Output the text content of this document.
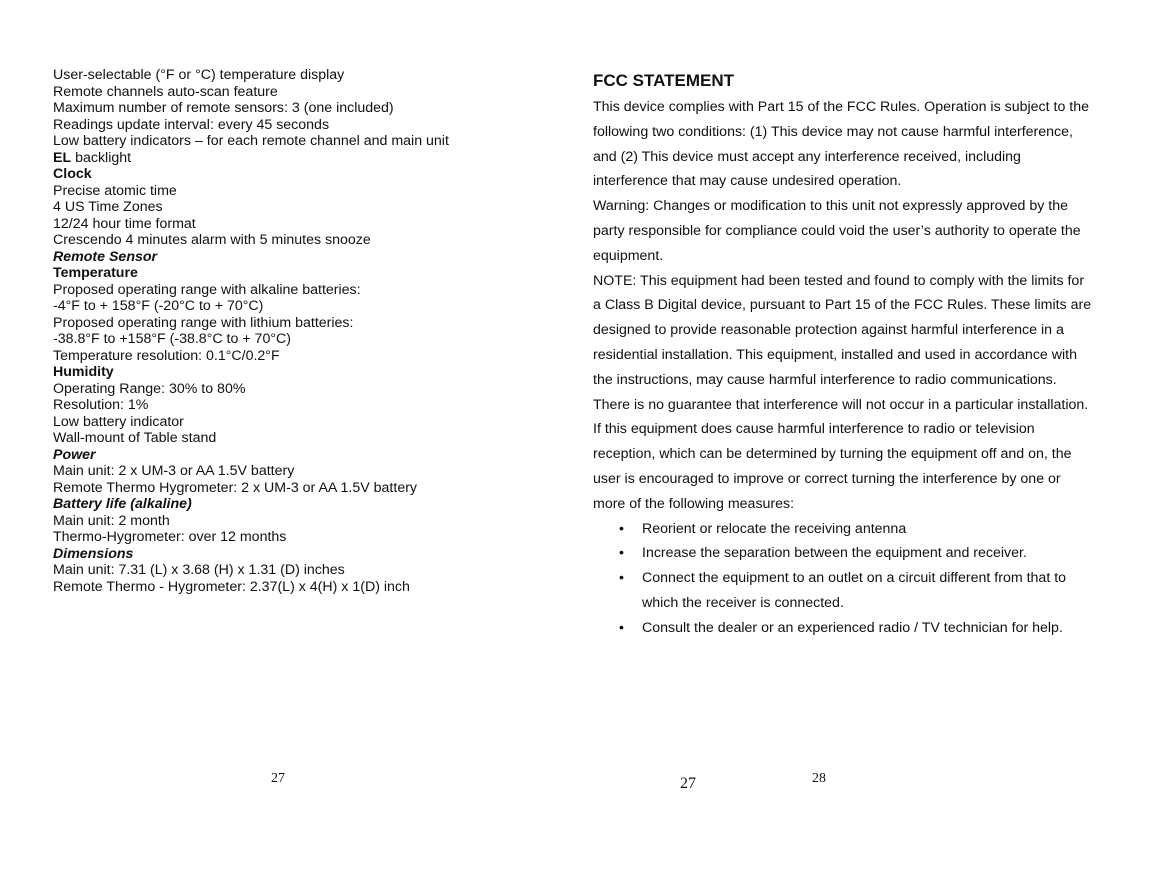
User-selectable (°F or °C) temperature display
Remote channels auto-scan feature
Maximum number of remote sensors: 3 (one included)
Readings update interval: every 45 seconds
Low battery indicators – for each remote channel and main unit
EL backlight
Clock
Precise atomic time
4 US Time Zones
12/24 hour time format
Crescendo 4 minutes alarm with 5 minutes snooze
Remote Sensor
Temperature
Proposed operating range with alkaline batteries:
-4°F to + 158°F (-20°C to + 70°C)
Proposed operating range with lithium batteries:
-38.8°F to +158°F (-38.8°C to + 70°C)
Temperature resolution: 0.1°C/0.2°F
Humidity
Operating Range: 30% to 80%
Resolution: 1%
Low battery indicator
Wall-mount of Table stand
Power
Main unit: 2 x UM-3 or AA 1.5V battery
Remote Thermo Hygrometer: 2 x UM-3 or AA 1.5V battery
Battery life (alkaline)
Main unit: 2 month
Thermo-Hygrometer: over 12 months
Dimensions
Main unit: 7.31 (L) x 3.68 (H) x 1.31 (D) inches
Remote Thermo - Hygrometer: 2.37(L) x 4(H) x 1(D) inch
27
FCC STATEMENT
This device complies with Part 15 of the FCC Rules. Operation is subject to the
following two conditions: (1) This device may not cause harmful interference,
and (2) This device must accept any interference received, including
interference that may cause undesired operation.
Warning: Changes or modification to this unit not expressly approved by the
party responsible for compliance could void the user’s authority to operate the
equipment.
NOTE: This equipment had been tested and found to comply with the limits for
a Class B Digital device, pursuant to Part 15 of the FCC Rules. These limits are
designed to provide reasonable protection against harmful interference in a
residential installation. This equipment, installed and used in accordance with
the instructions, may cause harmful interference to radio communications.
There is no guarantee that interference will not occur in a particular installation.
If this equipment does cause harmful interference to radio or television
reception, which can be determined by turning the equipment off and on, the
user is encouraged to improve or correct turning the interference by one or
more of the following measures:
• Reorient or relocate the receiving antenna
• Increase the separation between the equipment and receiver.
• Connect the equipment to an outlet on a circuit different from that to
which the receiver is connected.
• Consult the dealer or an experienced radio / TV technician for help.
27	28
